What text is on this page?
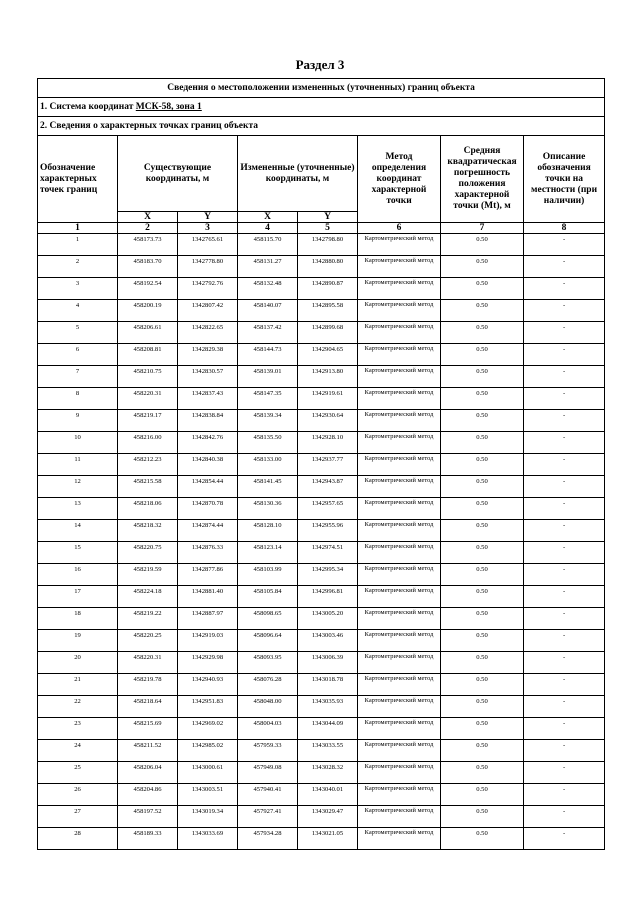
Раздел 3
Сведения о местоположении измененных (уточненных) границ объекта							
1. Система координат МСК-58, зона 1							
2. Сведения о характерных точках границ объекта							
Обозначение характерных точек границ	Существующие координаты, м		Измененные (уточненные) координаты, м		Метод определения координат характерной точки	Средняя квадратическая погрешность положения характерной точки (Mt), м	Описание обозначения точки на местности (при наличии)
	X	Y	X	Y			
1	2	3	4	5	6	7	8
1	458173.73	1342765.61	458115.70	1342798.80	Картометрический метод	0.50	-
2	458183.70	1342778.80	458131.27	1342880.80	Картометрический метод	0.50	-
3	458192.54	1342792.76	458132.48	1342890.87	Картометрический метод	0.50	-
4	458200.19	1342807.42	458140.07	1342895.58	Картометрический метод	0.50	-
5	458206.61	1342822.65	458137.42	1342899.68	Картометрический метод	0.50	-
6	458208.81	1342829.38	458144.73	1342904.65	Картометрический метод	0.50	-
7	458210.75	1342830.57	458139.01	1342913.80	Картометрический метод	0.50	-
8	458220.31	1342837.43	458147.35	1342919.61	Картометрический метод	0.50	-
9	458219.17	1342838.84	458139.34	1342930.64	Картометрический метод	0.50	-
10	458216.00	1342842.76	458135.50	1342928.10	Картометрический метод	0.50	-
11	458212.23	1342840.38	458133.00	1342937.77	Картометрический метод	0.50	-
12	458215.58	1342854.44	458141.45	1342943.87	Картометрический метод	0.50	-
13	458218.06	1342870.78	458130.36	1342957.65	Картометрический метод	0.50	-
14	458218.32	1342874.44	458128.10	1342955.96	Картометрический метод	0.50	-
15	458220.75	1342876.33	458123.14	1342974.51	Картометрический метод	0.50	-
16	458219.59	1342877.86	458103.99	1342995.34	Картометрический метод	0.50	-
17	458224.18	1342881.40	458105.84	1342996.81	Картометрический метод	0.50	-
18	458219.22	1342887.97	458098.65	1343005.20	Картометрический метод	0.50	-
19	458220.25	1342919.03	458096.64	1343003.46	Картометрический метод	0.50	-
20	458220.31	1342929.98	458093.95	1343006.39	Картометрический метод	0.50	-
21	458219.78	1342940.93	458076.28	1343018.78	Картометрический метод	0.50	-
22	458218.64	1342951.83	458048.00	1343035.93	Картометрический метод	0.50	-
23	458215.69	1342969.02	458004.03	1343044.09	Картометрический метод	0.50	-
24	458211.52	1342985.02	457959.33	1343033.55	Картометрический метод	0.50	-
25	458206.04	1343000.61	457949.08	1343028.32	Картометрический метод	0.50	-
26	458204.86	1343003.51	457940.41	1343040.01	Картометрический метод	0.50	-
27	458197.52	1343019.34	457927.41	1343029.47	Картометрический метод	0.50	-
28	458189.33	1343033.69	457934.28	1343021.05	Картометрический метод	0.50	-
